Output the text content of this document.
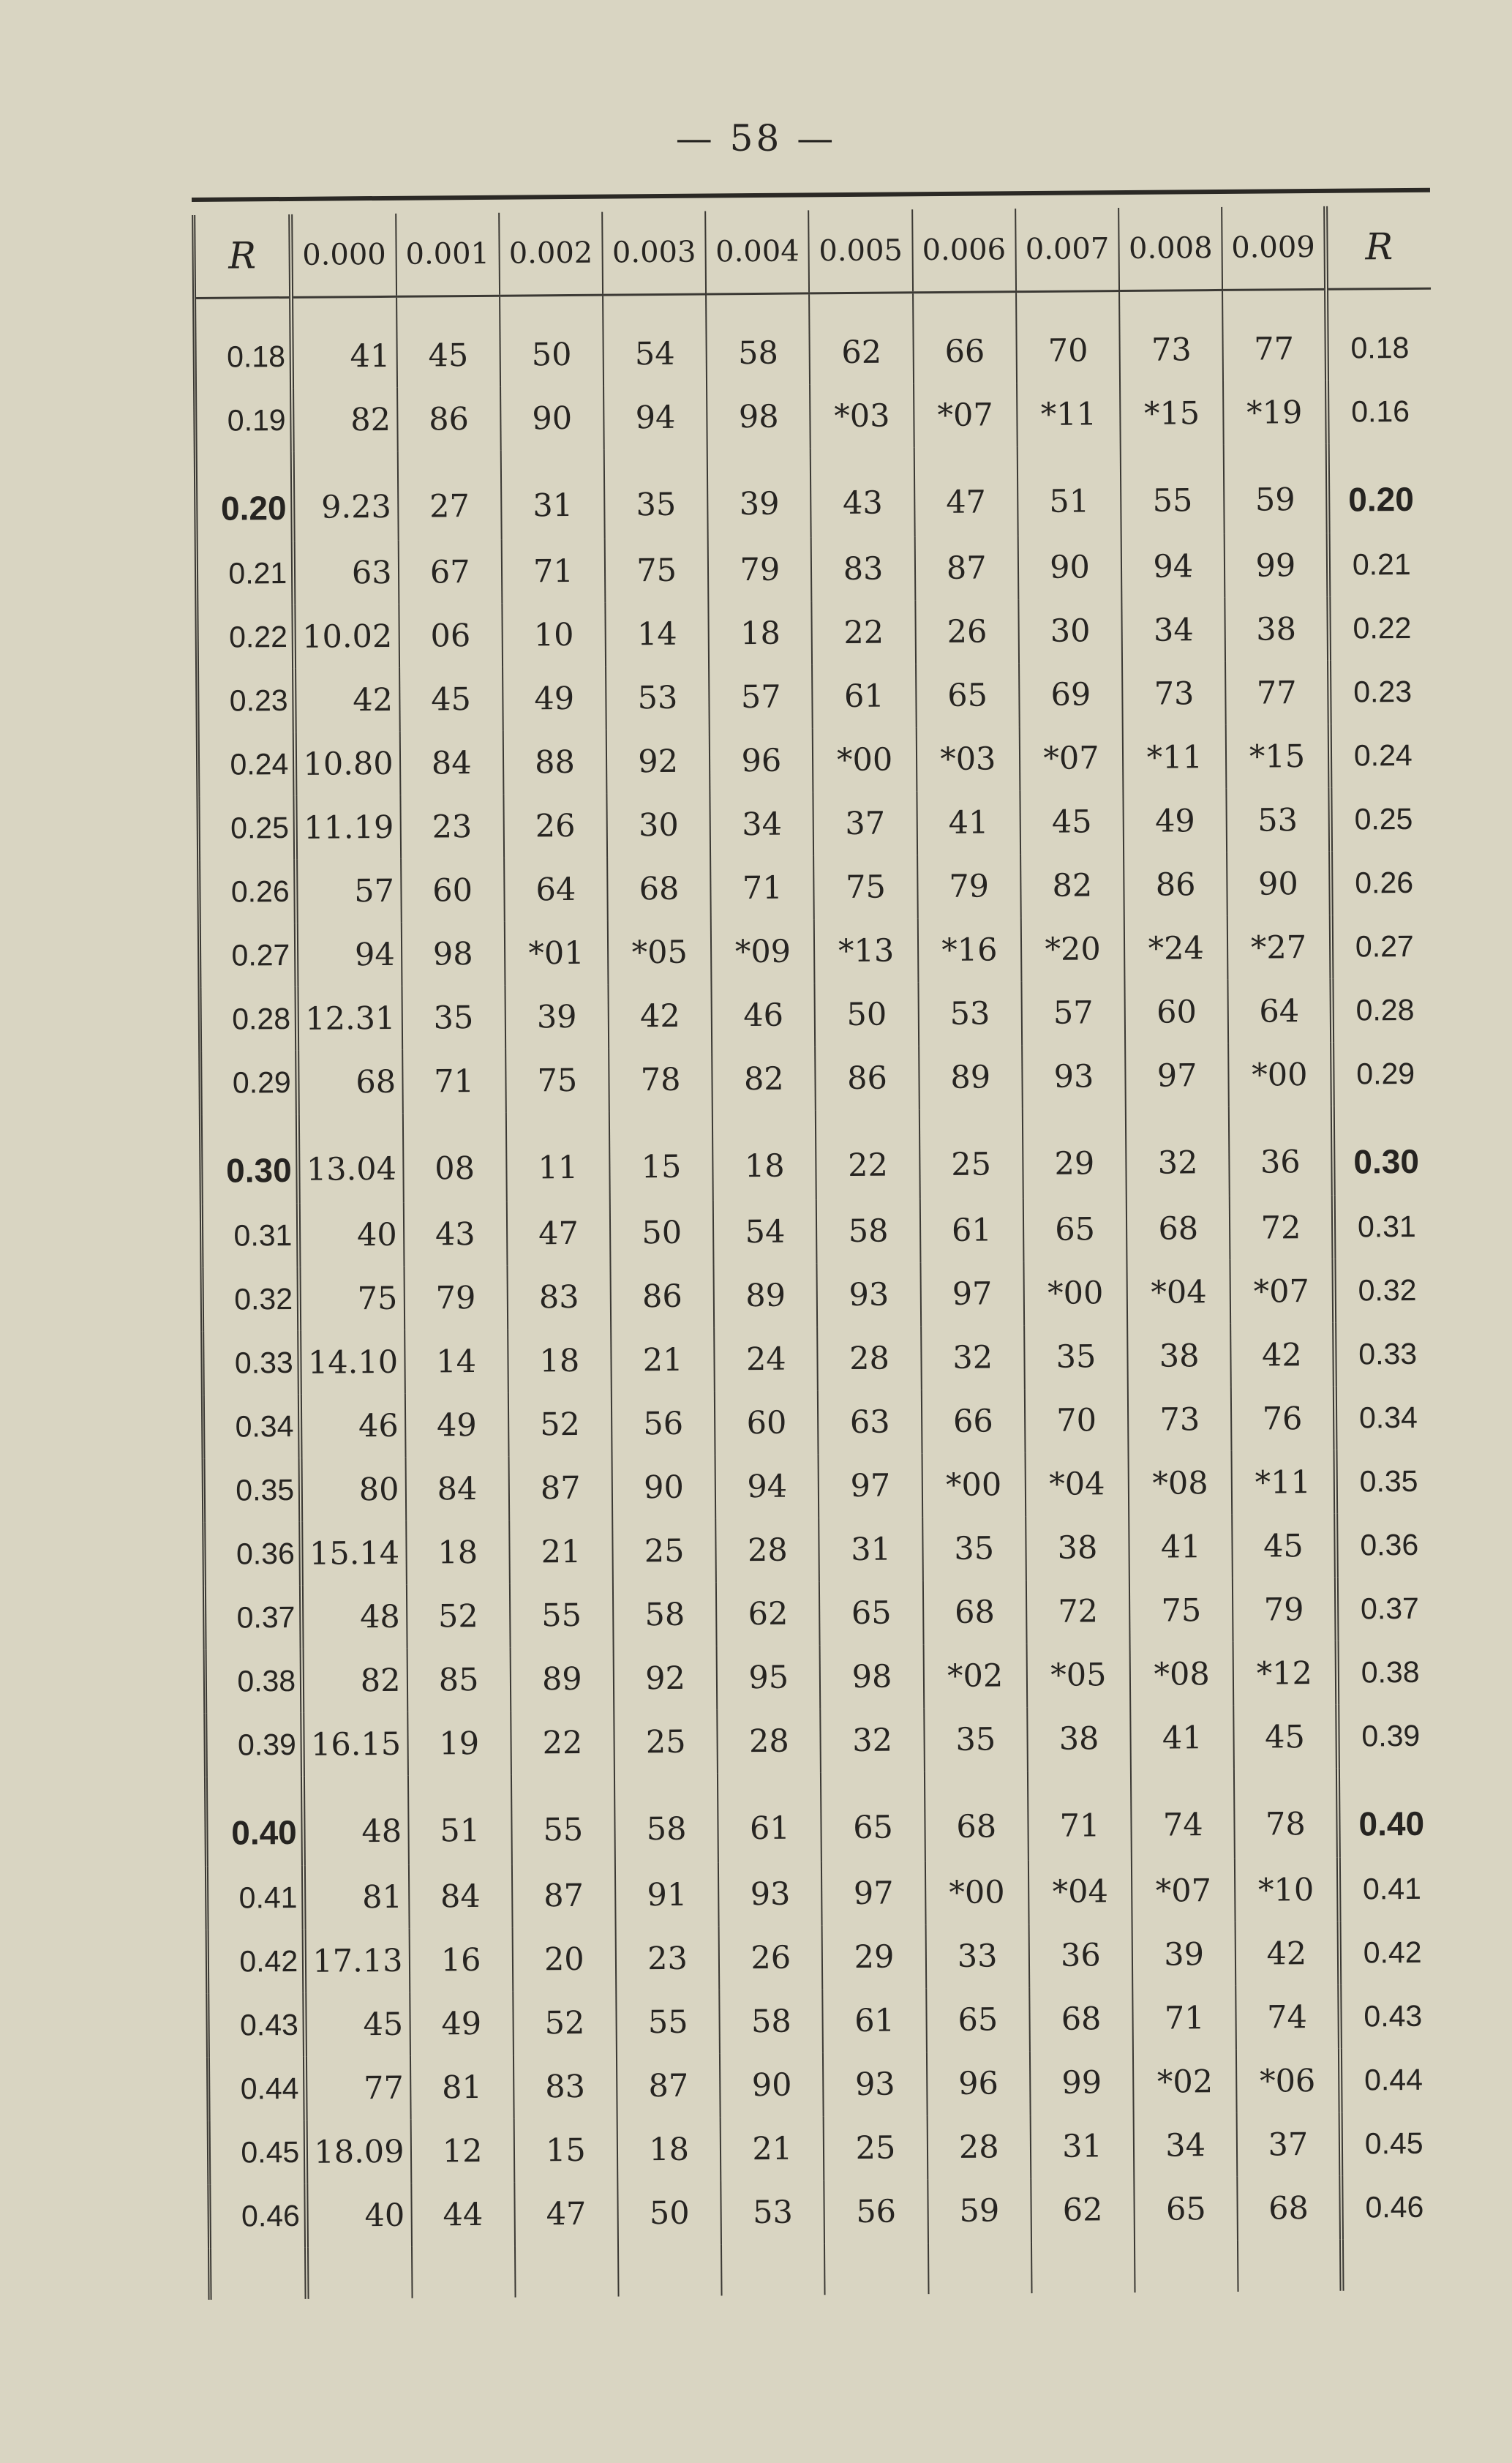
— 58 —
R	0.000	0.001	0.002	0.003	0.004	0.005	0.006	0.007	0.008	0.009	R
0.18	41	45	50	54	58	62	66	70	73	77	0.18
0.19	82	86	90	94	98	*03	*07	*11	*15	*19	0.16
0.20	9.23	27	31	35	39	43	47	51	55	59	0.20
0.21	63	67	71	75	79	83	87	90	94	99	0.21
0.22	10.02	06	10	14	18	22	26	30	34	38	0.22
0.23	42	45	49	53	57	61	65	69	73	77	0.23
0.24	10.80	84	88	92	96	*00	*03	*07	*11	*15	0.24
0.25	11.19	23	26	30	34	37	41	45	49	53	0.25
0.26	57	60	64	68	71	75	79	82	86	90	0.26
0.27	94	98	*01	*05	*09	*13	*16	*20	*24	*27	0.27
0.28	12.31	35	39	42	46	50	53	57	60	64	0.28
0.29	68	71	75	78	82	86	89	93	97	*00	0.29
0.30	13.04	08	11	15	18	22	25	29	32	36	0.30
0.31	40	43	47	50	54	58	61	65	68	72	0.31
0.32	75	79	83	86	89	93	97	*00	*04	*07	0.32
0.33	14.10	14	18	21	24	28	32	35	38	42	0.33
0.34	46	49	52	56	60	63	66	70	73	76	0.34
0.35	80	84	87	90	94	97	*00	*04	*08	*11	0.35
0.36	15.14	18	21	25	28	31	35	38	41	45	0.36
0.37	48	52	55	58	62	65	68	72	75	79	0.37
0.38	82	85	89	92	95	98	*02	*05	*08	*12	0.38
0.39	16.15	19	22	25	28	32	35	38	41	45	0.39
0.40	48	51	55	58	61	65	68	71	74	78	0.40
0.41	81	84	87	91	93	97	*00	*04	*07	*10	0.41
0.42	17.13	16	20	23	26	29	33	36	39	42	0.42
0.43	45	49	52	55	58	61	65	68	71	74	0.43
0.44	77	81	83	87	90	93	96	99	*02	*06	0.44
0.45	18.09	12	15	18	21	25	28	31	34	37	0.45
0.46	40	44	47	50	53	56	59	62	65	68	0.46
